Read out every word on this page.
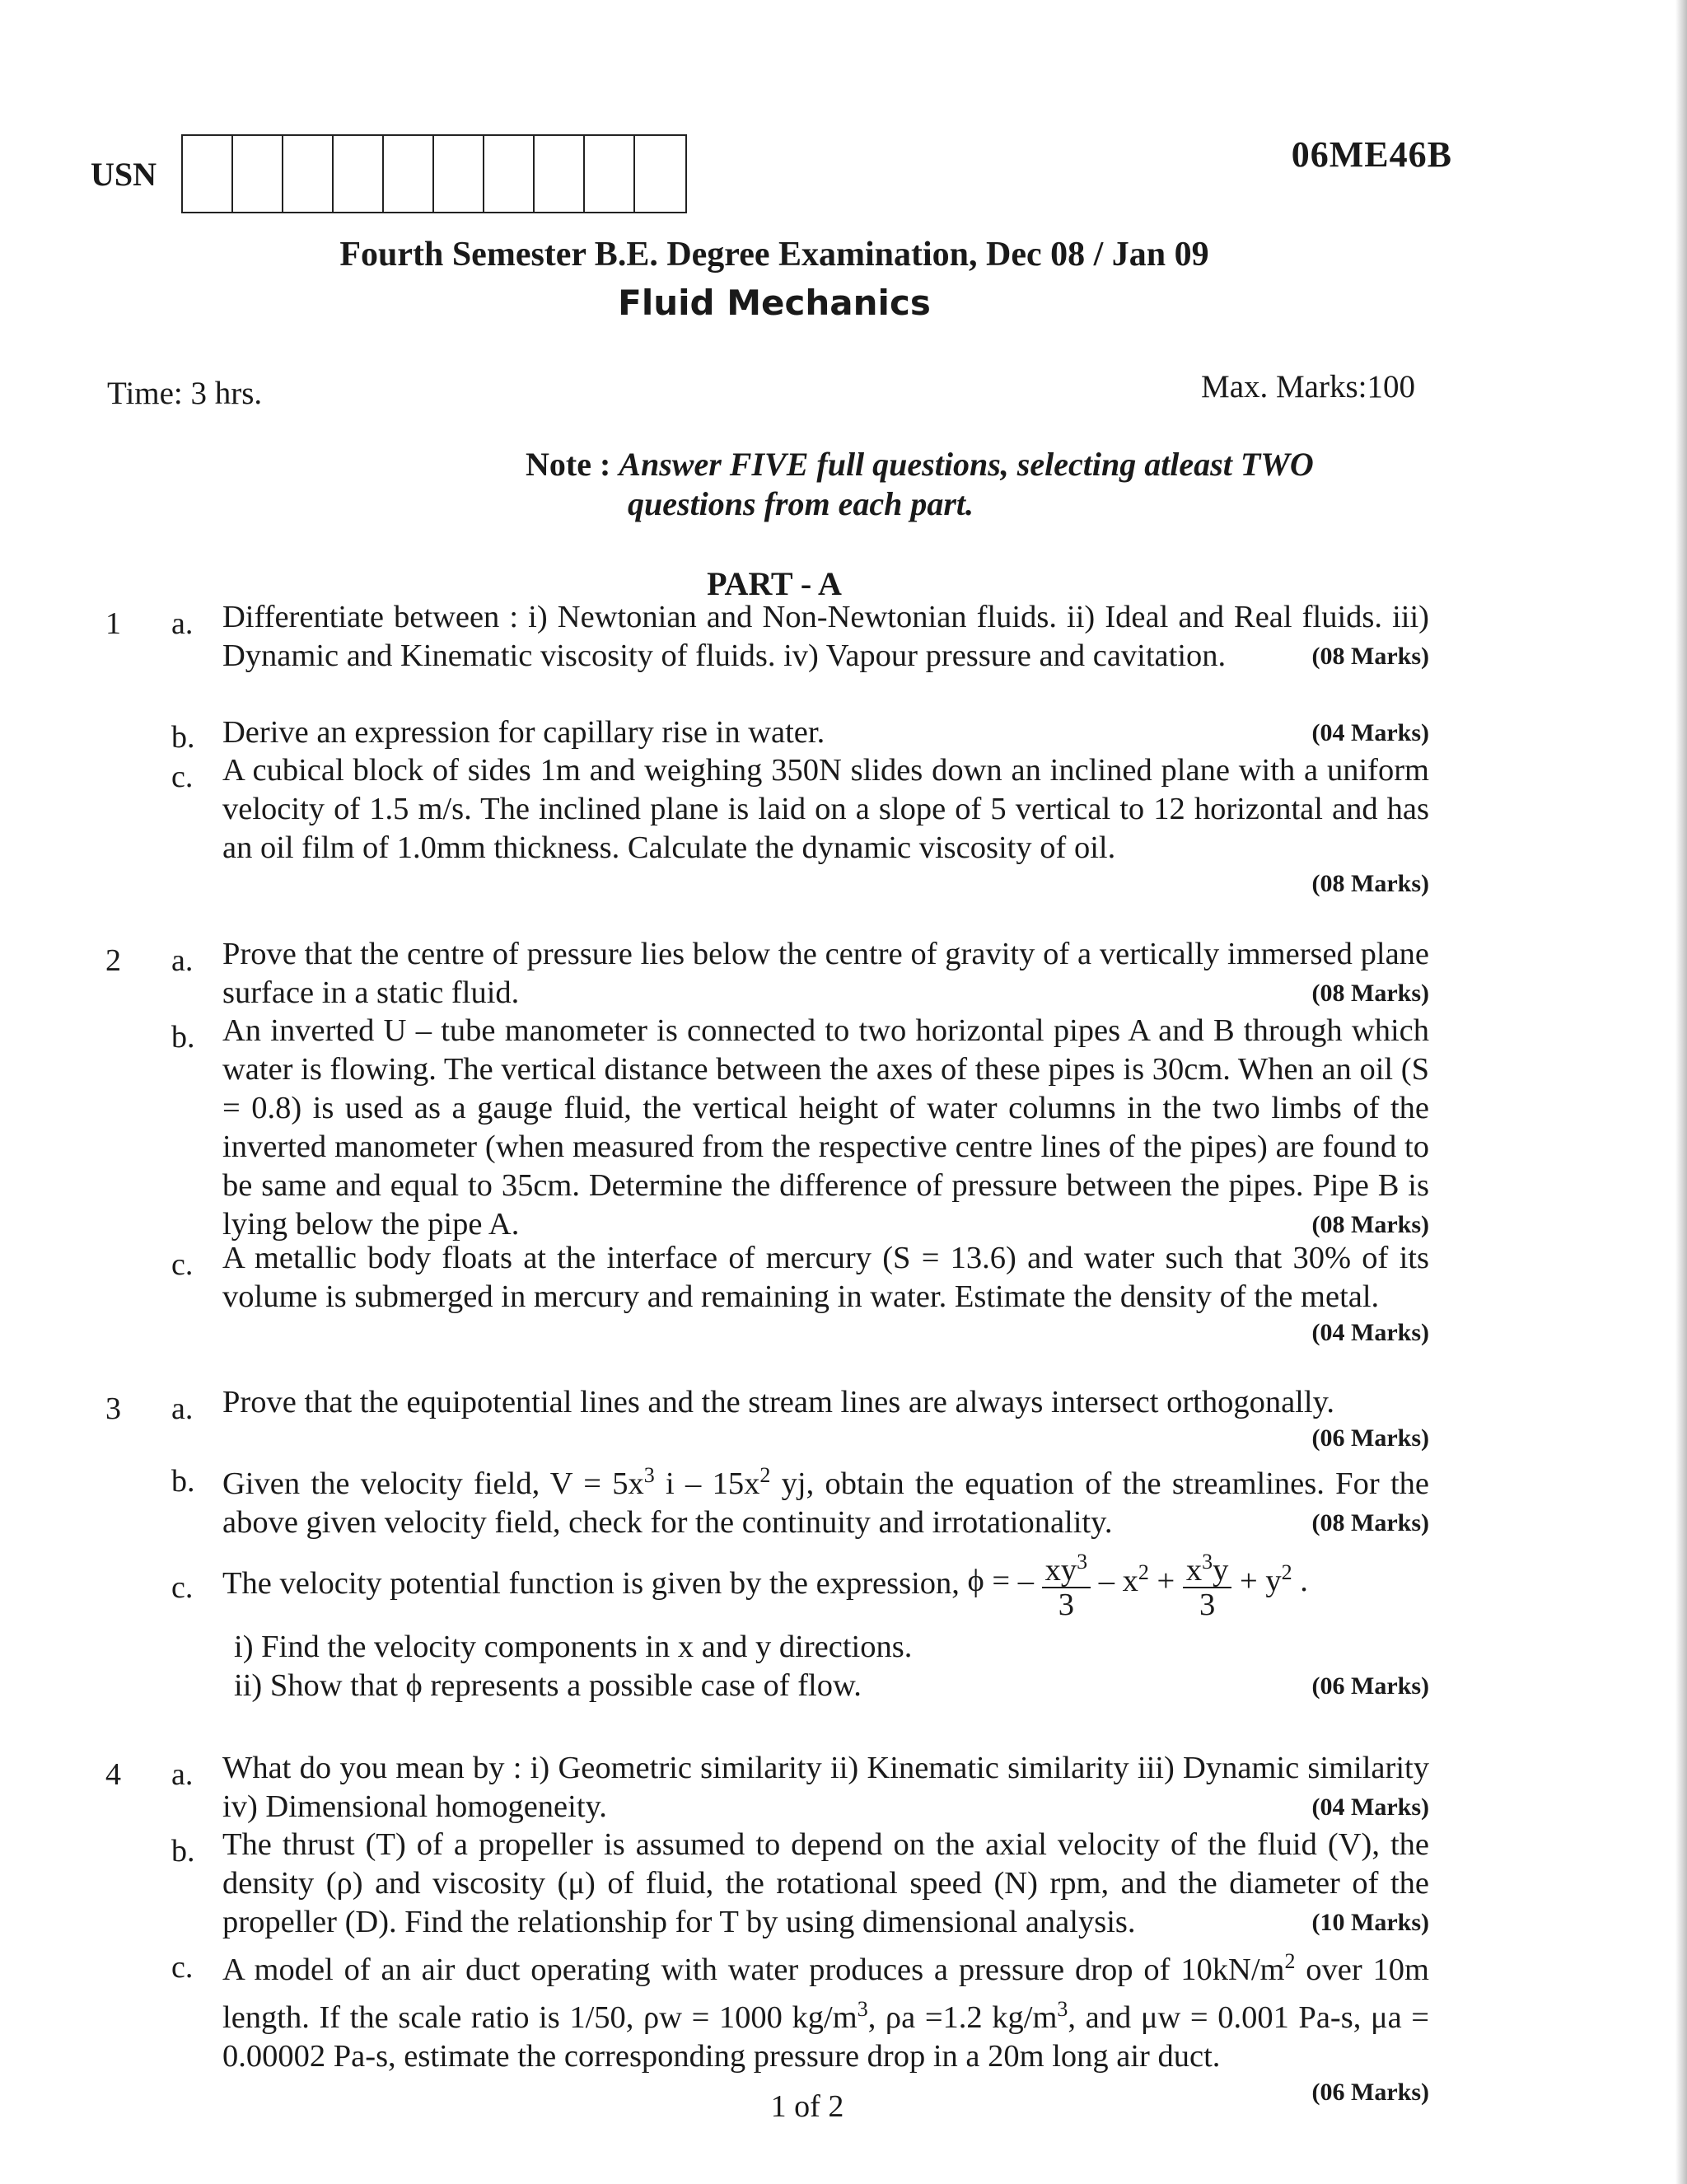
USN	06ME46B
Fourth Semester B.E. Degree Examination, Dec 08 / Jan 09
Fluid Mechanics
Time: 3 hrs.	Max. Marks:100
Note : Answer FIVE full questions, selecting atleast TWO
questions from each part.
PART - A
1 a. Differentiate between : i) Newtonian and Non-Newtonian fluids. ii) Ideal and Real fluids. iii) Dynamic and Kinematic viscosity of fluids. iv) Vapour pressure and cavitation.	(08 Marks)
b. Derive an expression for capillary rise in water.	(04 Marks)
c. A cubical block of sides 1m and weighing 350N slides down an inclined plane with a uniform velocity of 1.5 m/s. The inclined plane is laid on a slope of 5 vertical to 12 horizontal and has an oil film of 1.0mm thickness. Calculate the dynamic viscosity of oil.
(08 Marks)
2 a. Prove that the centre of pressure lies below the centre of gravity of a vertically immersed plane surface in a static fluid.	(08 Marks)
b. An inverted U – tube manometer is connected to two horizontal pipes A and B through which water is flowing. The vertical distance between the axes of these pipes is 30cm. When an oil (S = 0.8) is used as a gauge fluid, the vertical height of water columns in the two limbs of the inverted manometer (when measured from the respective centre lines of the pipes) are found to be same and equal to 35cm. Determine the difference of pressure between the pipes. Pipe B is lying below the pipe A.	(08 Marks)
c. A metallic body floats at the interface of mercury (S = 13.6) and water such that 30% of its volume is submerged in mercury and remaining in water. Estimate the density of the metal.
(04 Marks)
3 a. Prove that the equipotential lines and the stream lines are always intersect orthogonally.
(06 Marks)
b. Given the velocity field, $V = 5x^3$ i – $15x^2$ yj, obtain the equation of the streamlines. For the above given velocity field, check for the continuity and irrotationality.	(08 Marks)
c. The velocity potential function is given by the expression,
ϕ = – $\frac{xy^3}{3} - x^2 + \frac{x^3y}{3} + y^2$ .
i) Find the velocity components in x and y directions.
ii) Show that ϕ represents a possible case of flow.	(06 Marks)
4 a. What do you mean by : i) Geometric similarity ii) Kinematic similarity iii) Dynamic similarity iv) Dimensional homogeneity.	(04 Marks)
b. The thrust (T) of a propeller is assumed to depend on the axial velocity of the fluid (V), the density (ρ) and viscosity (μ) of fluid, the rotational speed (N) rpm, and the diameter of the propeller (D). Find the relationship for T by using dimensional analysis.	(10 Marks)
c. A model of an air duct operating with water produces a pressure drop of $10kN/m^2$ over 10m length. If the scale ratio is 1/50, ρw = 1000 $kg/m^3$, ρa =1.2 $kg/m^3$, and μw = 0.001 Pa-s, μa = 0.00002 Pa-s, estimate the corresponding pressure drop in a 20m long air duct.
(06 Marks)
1 of 2
